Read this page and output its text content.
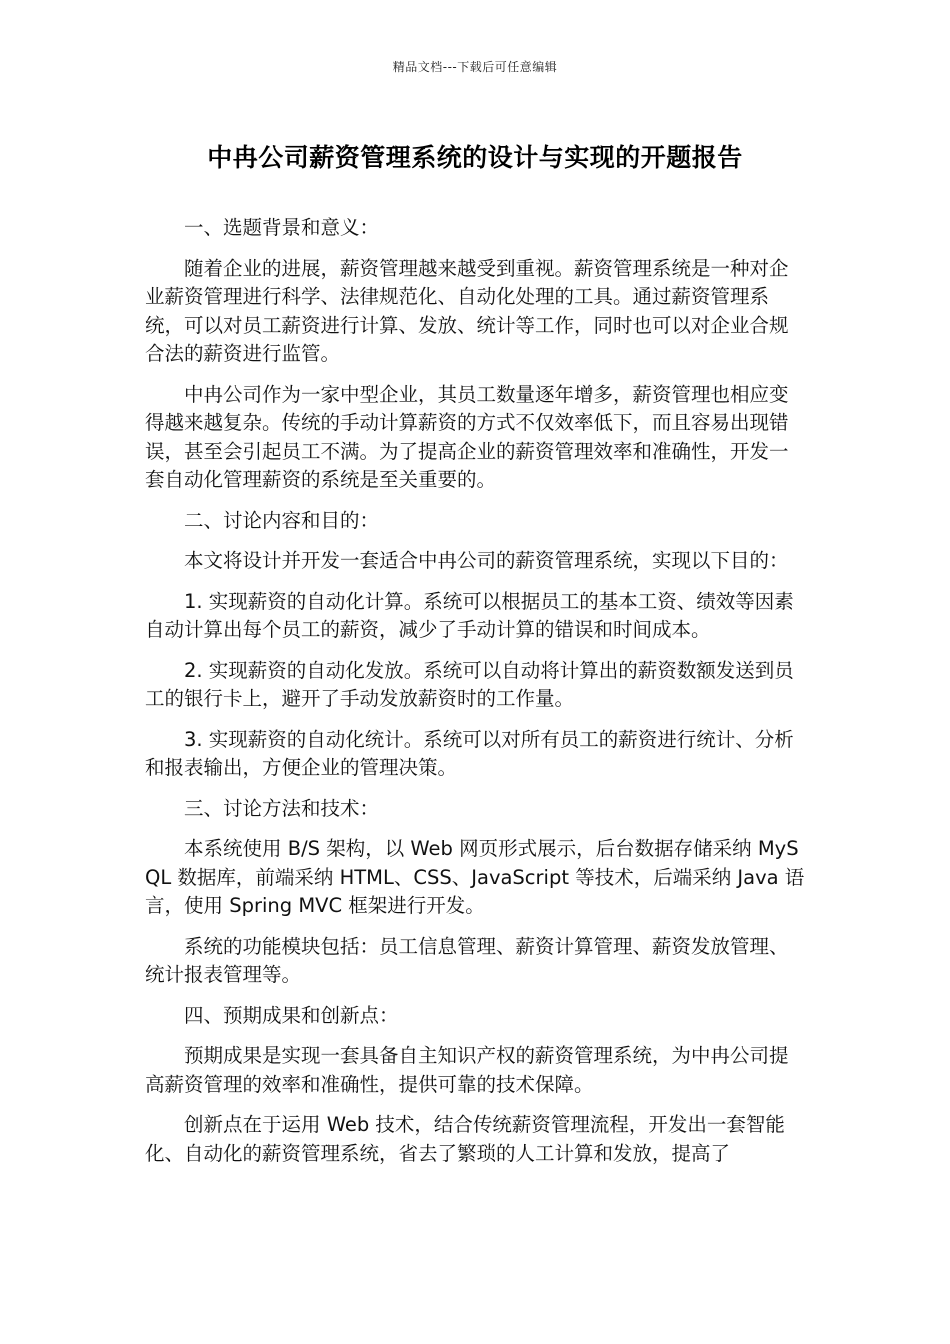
精品文档---下载后可任意编辑
中冉公司薪资管理系统的设计与实现的开题报告
一、选题背景和意义：

随着企业的进展，薪资管理越来越受到重视。薪资管理系统是一种对企业薪资管理进行科学、法律规范化、自动化处理的工具。通过薪资管理系统，可以对员工薪资进行计算、发放、统计等工作，同时也可以对企业合规合法的薪资进行监管。

中冉公司作为一家中型企业，其员工数量逐年增多，薪资管理也相应变得越来越复杂。传统的手动计算薪资的方式不仅效率低下，而且容易出现错误，甚至会引起员工不满。为了提高企业的薪资管理效率和准确性，开发一套自动化管理薪资的系统是至关重要的。

二、讨论内容和目的：

本文将设计并开发一套适合中冉公司的薪资管理系统，实现以下目的：

1. 实现薪资的自动化计算。系统可以根据员工的基本工资、绩效等因素自动计算出每个员工的薪资，减少了手动计算的错误和时间成本。

2. 实现薪资的自动化发放。系统可以自动将计算出的薪资数额发送到员工的银行卡上，避开了手动发放薪资时的工作量。

3. 实现薪资的自动化统计。系统可以对所有员工的薪资进行统计、分析和报表输出，方便企业的管理决策。

三、讨论方法和技术：

本系统使用 B/S 架构，以 Web 网页形式展示，后台数据存储采纳 MySQL 数据库，前端采纳 HTML、CSS、JavaScript 等技术，后端采纳 Java 语言，使用 Spring MVC 框架进行开发。

系统的功能模块包括：员工信息管理、薪资计算管理、薪资发放管理、统计报表管理等。

四、预期成果和创新点：

预期成果是实现一套具备自主知识产权的薪资管理系统，为中冉公司提高薪资管理的效率和准确性，提供可靠的技术保障。

创新点在于运用 Web 技术，结合传统薪资管理流程，开发出一套智能化、自动化的薪资管理系统，省去了繁琐的人工计算和发放，提高了
